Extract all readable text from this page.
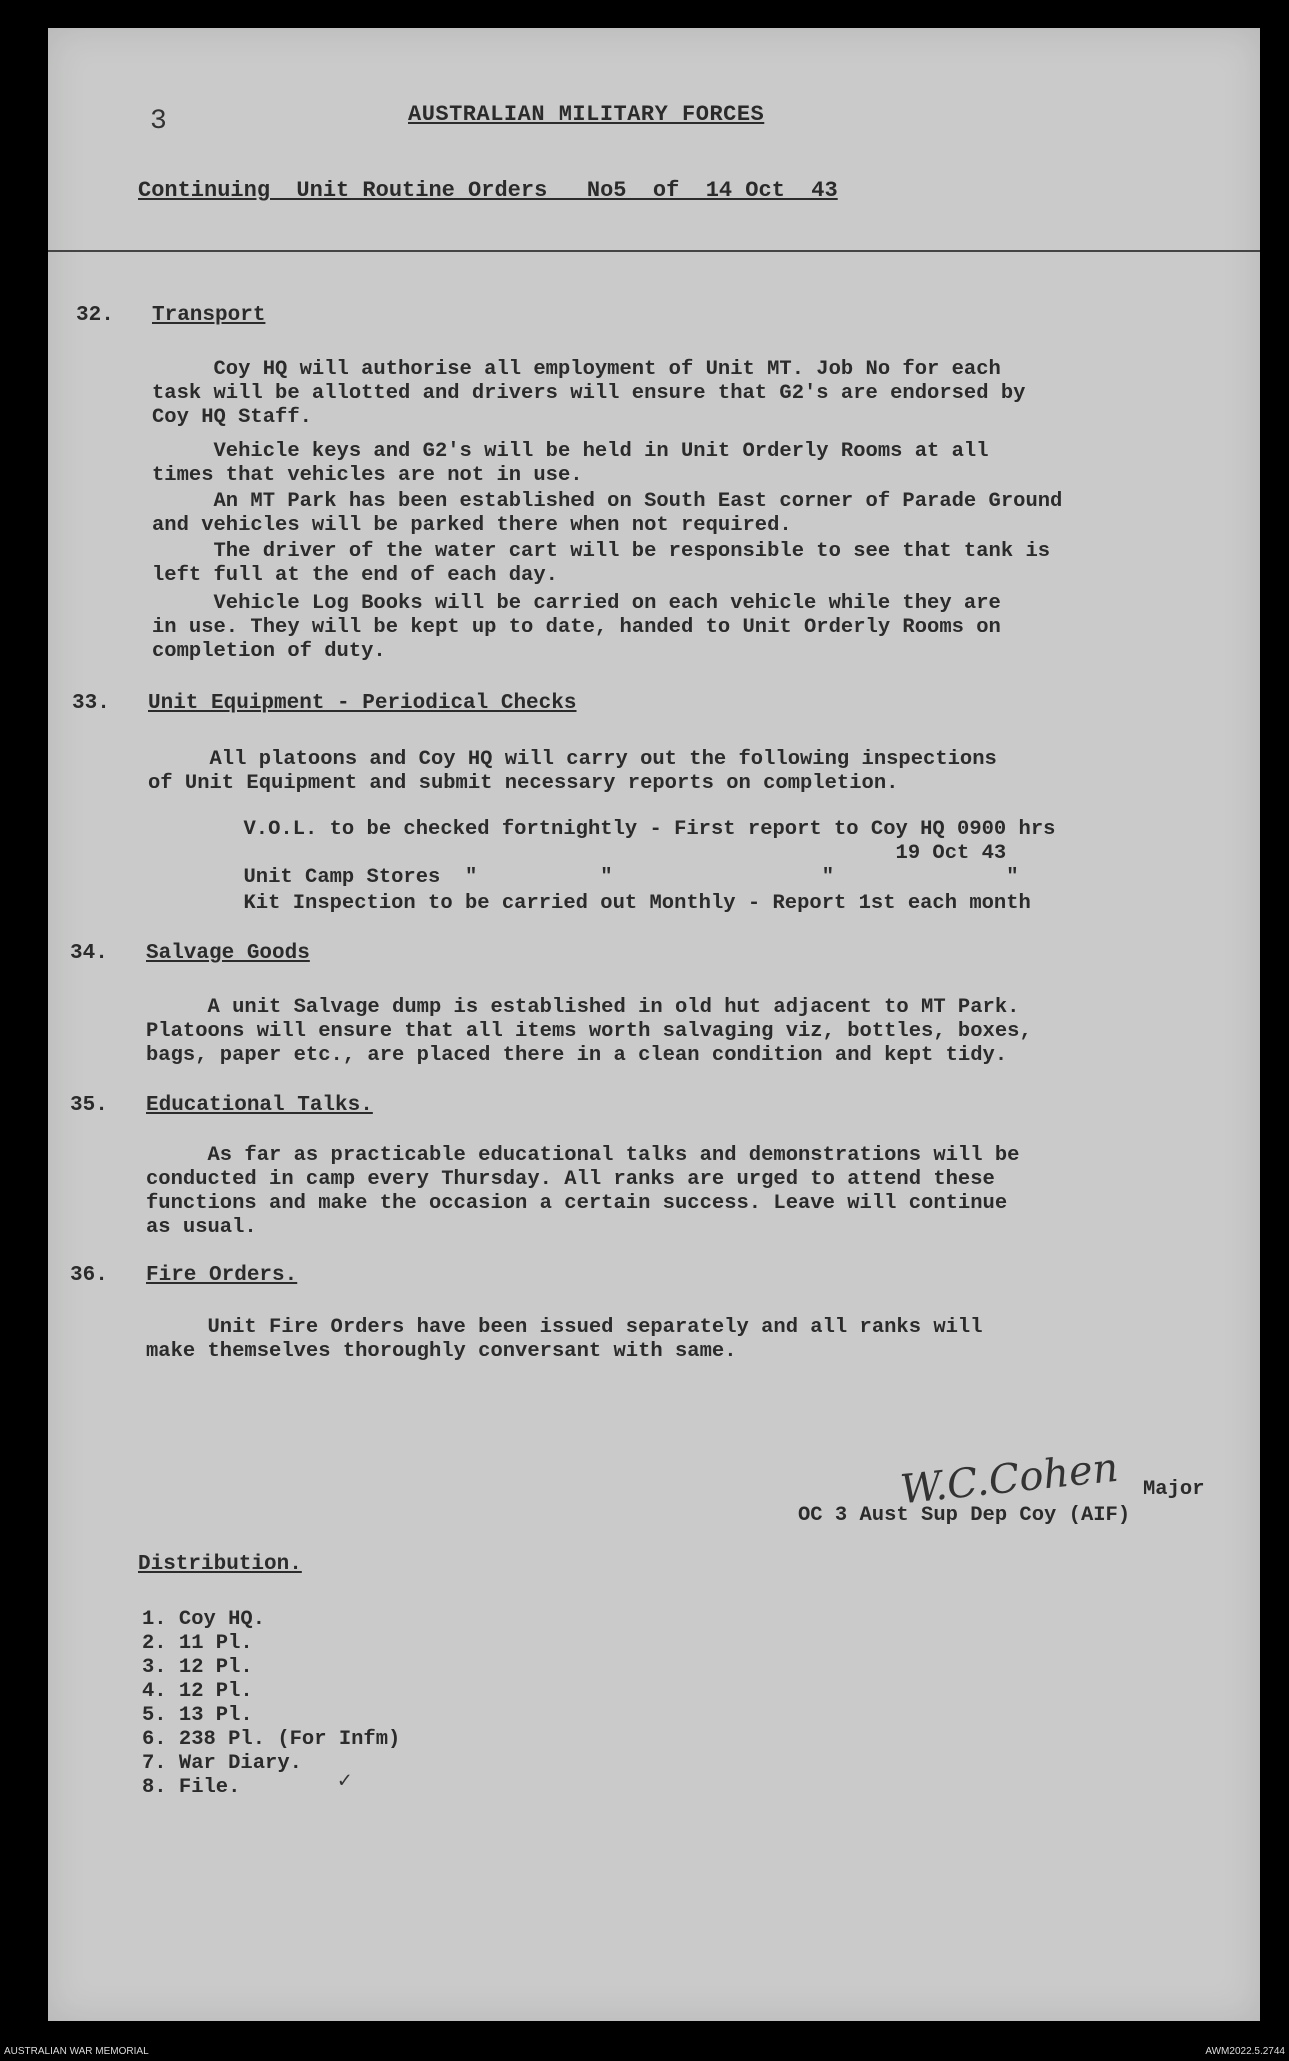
3	AUSTRALIAN MILITARY FORCES
Continuing  Unit Routine Orders   No5  of  14 Oct  43
32. Transport
Coy HQ will authorise all employment of Unit MT. Job No for each
task will be allotted and drivers will ensure that G2's are endorsed by
Coy HQ Staff.
Vehicle keys and G2's will be held in Unit Orderly Rooms at all
times that vehicles are not in use.
An MT Park has been established on South East corner of Parade Ground
and vehicles will be parked there when not required.
The driver of the water cart will be responsible to see that tank is
left full at the end of each day.
Vehicle Log Books will be carried on each vehicle while they are
in use. They will be kept up to date, handed to Unit Orderly Rooms on
completion of duty.
33. Unit Equipment - Periodical Checks
All platoons and Coy HQ will carry out the following inspections
of Unit Equipment and submit necessary reports on completion.
V.O.L. to be checked fortnightly - First report to Coy HQ 0900 hrs
19 Oct 43
Unit Camp Stores  "          "                 "              "
Kit Inspection to be carried out Monthly - Report 1st each month
34. Salvage Goods
A unit Salvage dump is established in old hut adjacent to MT Park.
Platoons will ensure that all items worth salvaging viz, bottles, boxes,
bags, paper etc., are placed there in a clean condition and kept tidy.
35. Educational Talks.
As far as practicable educational talks and demonstrations will be
conducted in camp every Thursday. All ranks are urged to attend these
functions and make the occasion a certain success. Leave will continue
as usual.
36. Fire Orders.
Unit Fire Orders have been issued separately and all ranks will
make themselves thoroughly conversant with same.
W.C.Cohen Major
OC 3 Aust Sup Dep Coy (AIF)
Distribution.
1. Coy HQ.
2. 11 Pl.
3. 12 Pl.
4. 12 Pl.
5. 13 Pl.
6. 238 Pl. (For Infm)
7. War Diary.
8. File.	✓
AUSTRALIAN WAR MEMORIAL	AWM2022.5.2744
